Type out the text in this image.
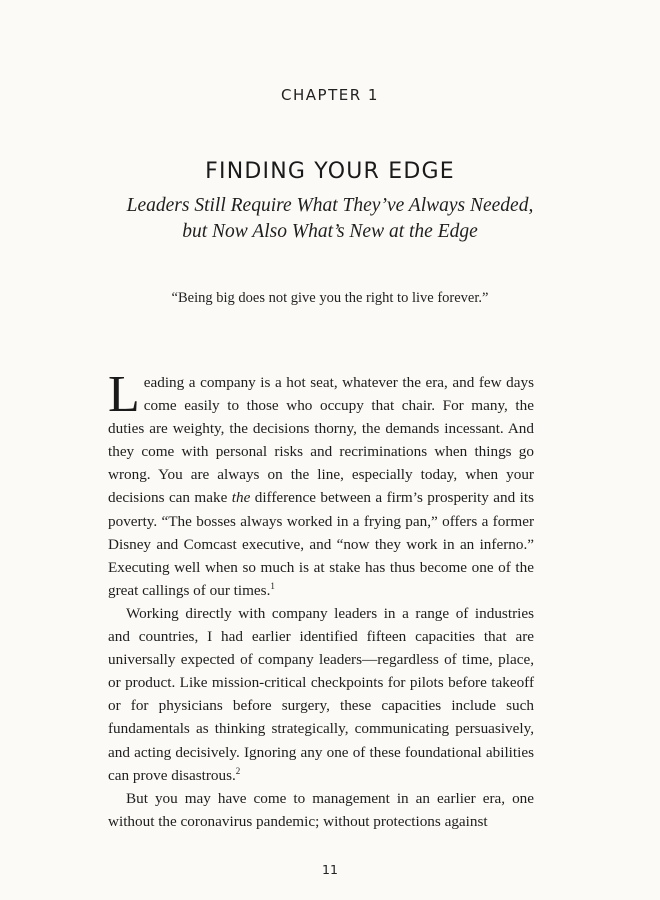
CHAPTER 1
FINDING YOUR EDGE
Leaders Still Require What They’ve Always Needed,
but Now Also What’s New at the Edge
“Being big does not give you the right to live forever.”

Leading a company is a hot seat, whatever the era, and few days come easily to those who occupy that chair. For many, the duties are weighty, the decisions thorny, the demands incessant. And they come with personal risks and recriminations when things go wrong. You are always on the line, especially today, when your decisions can make the difference between a firm’s prosperity and its poverty. “The bosses always worked in a frying pan,” offers a former Disney and Comcast executive, and “now they work in an inferno.” Executing well when so much is at stake has thus become one of the great callings of our times.$^1$

Working directly with company leaders in a range of industries and countries, I had earlier identified fifteen capacities that are universally expected of company leaders—regardless of time, place, or product. Like mission-critical checkpoints for pilots before takeoff or for physicians before surgery, these capacities include such fundamentals as thinking strategically, communicating persuasively, and acting decisively. Ignoring any one of these foundational abilities can prove disastrous.$^2$

But you may have come to management in an earlier era, one without the coronavirus pandemic; without protections against

11
